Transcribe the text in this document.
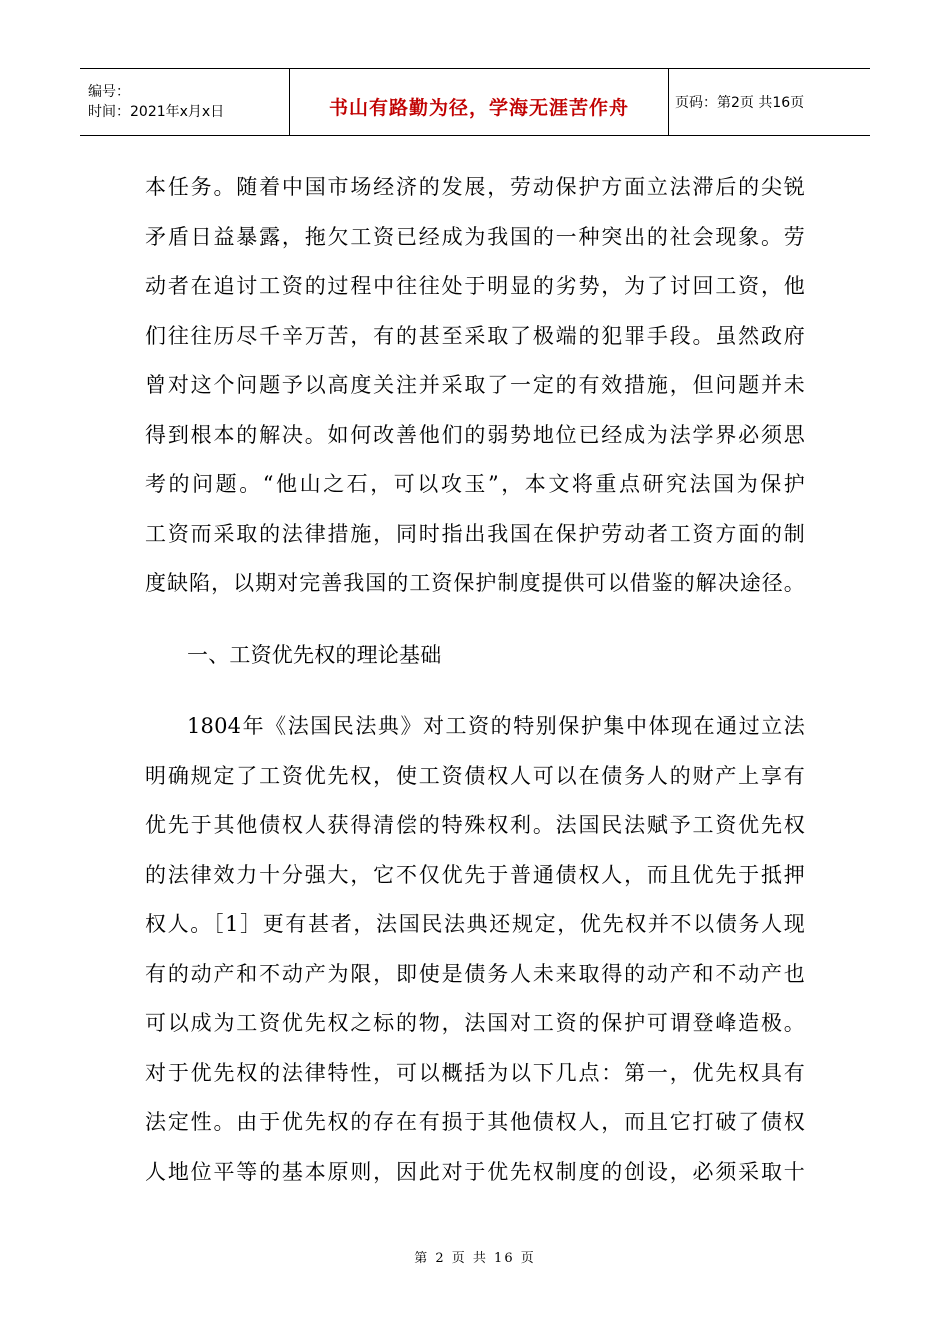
编号：
时间：2021年x月x日	书山有路勤为径，学海无涯苦作舟	页码：第2页 共16页
本任务。随着中国市场经济的发展，劳动保护方面立法滞后的尖锐
矛盾日益暴露，拖欠工资已经成为我国的一种突出的社会现象。劳
动者在追讨工资的过程中往往处于明显的劣势，为了讨回工资，他
们往往历尽千辛万苦，有的甚至采取了极端的犯罪手段。虽然政府
曾对这个问题予以高度关注并采取了一定的有效措施，但问题并未
得到根本的解决。如何改善他们的弱势地位已经成为法学界必须思
考的问题。“他山之石，可以攻玉”，本文将重点研究法国为保护
工资而采取的法律措施，同时指出我国在保护劳动者工资方面的制
度缺陷，以期对完善我国的工资保护制度提供可以借鉴的解决途径。
一、工资优先权的理论基础
1804年《法国民法典》对工资的特别保护集中体现在通过立法
明确规定了工资优先权，使工资债权人可以在债务人的财产上享有
优先于其他债权人获得清偿的特殊权利。法国民法赋予工资优先权
的法律效力十分强大，它不仅优先于普通债权人，而且优先于抵押
权人。［1］更有甚者，法国民法典还规定，优先权并不以债务人现
有的动产和不动产为限，即使是债务人未来取得的动产和不动产也
可以成为工资优先权之标的物，法国对工资的保护可谓登峰造极。
对于优先权的法律特性，可以概括为以下几点：第一，优先权具有
法定性。由于优先权的存在有损于其他债权人，而且它打破了债权
人地位平等的基本原则，因此对于优先权制度的创设，必须采取十
第 2 页 共 16 页
